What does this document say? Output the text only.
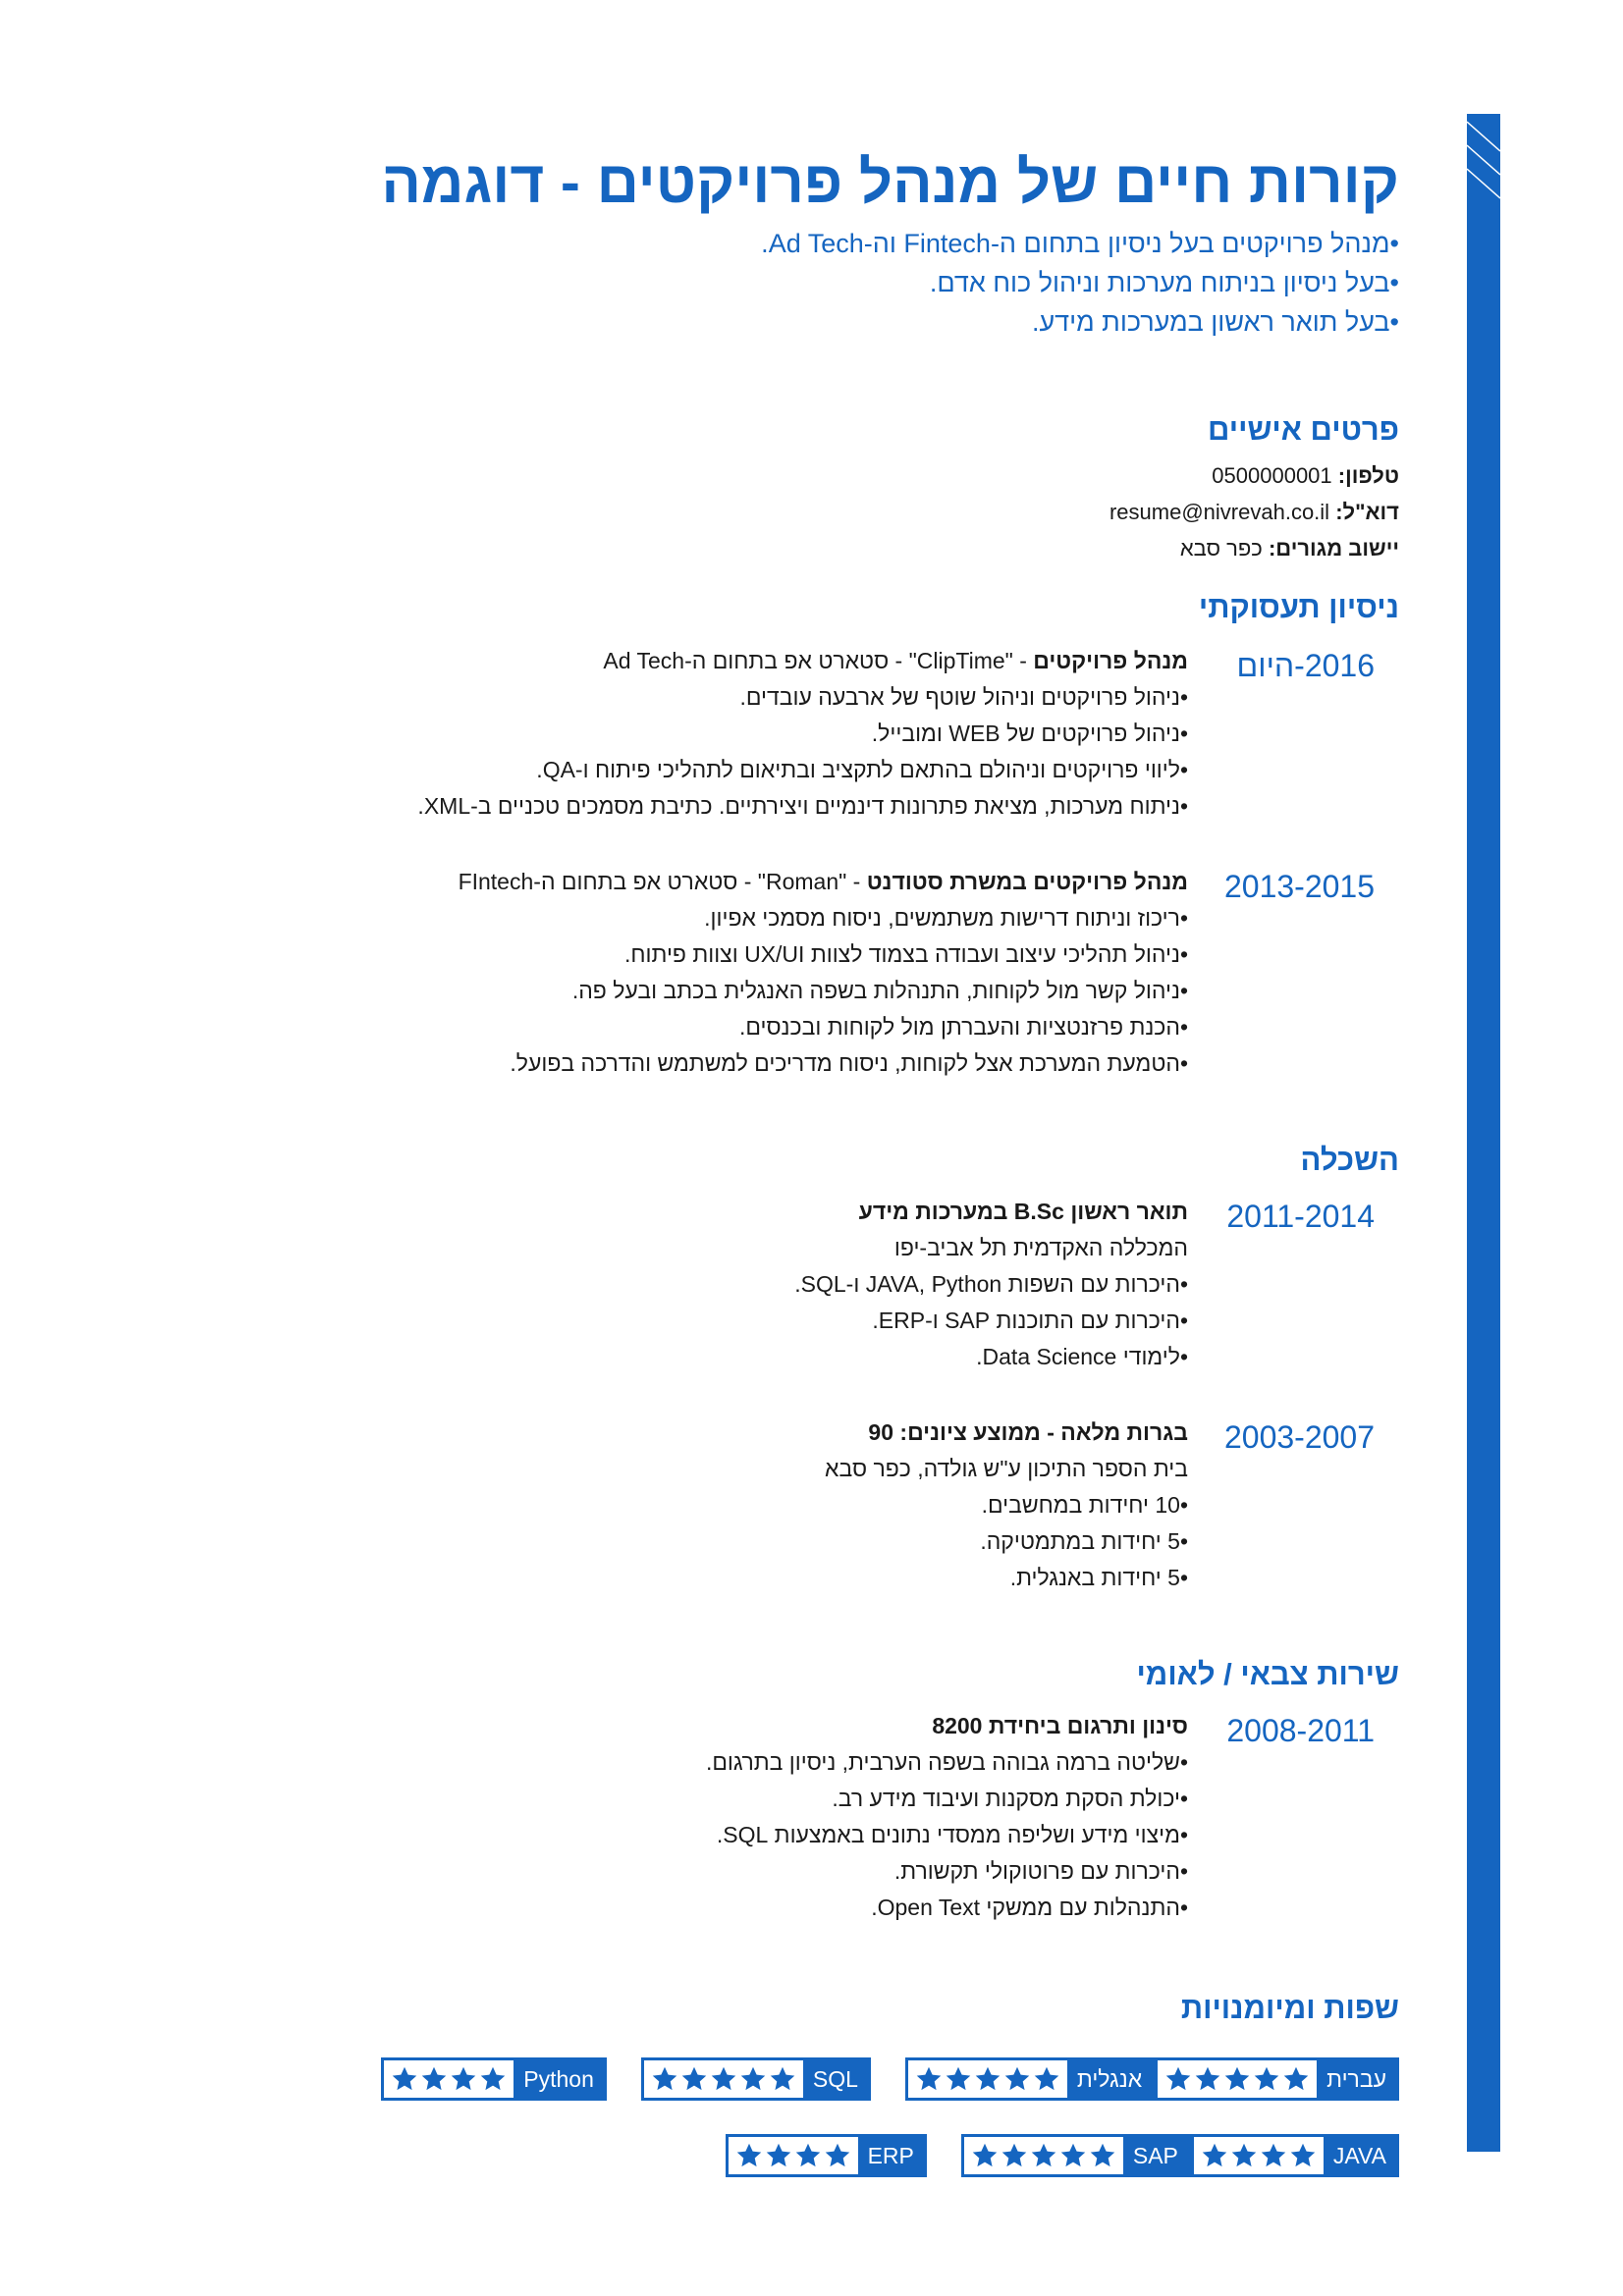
קורות חיים של מנהל פרויקטים - דוגמה
• מנהל פרויקטים בעל ניסיון בתחום ה-Fintech וה-Ad Tech.
• בעל ניסיון בניתוח מערכות וניהול כוח אדם.
• בעל תואר ראשון במערכות מידע.
פרטים אישיים
טלפון: 0500000001
דוא"ל: resume@nivrevah.co.il
יישוב מגורים: כפר סבא
ניסיון תעסוקתי
2016-היום
מנהל פרויקטים - "ClipTime" - סטארט אפ בתחום ה-Ad Tech
• ניהול פרויקטים וניהול שוטף של ארבעה עובדים.
• ניהול פרויקטים של WEB ומובייל.
• ליווי פרויקטים וניהולם בהתאם לתקציב ובתיאום לתהליכי פיתוח ו-QA.
• ניתוח מערכות, מציאת פתרונות דינמיים ויצירתיים. כתיבת מסמכים טכניים ב-XML.
2013-2015
מנהל פרויקטים במשרת סטודנט - "Roman" - סטארט אפ בתחום ה-FIntech
• ריכוז וניתוח דרישות משתמשים, ניסוח מסמכי אפיון.
• ניהול תהליכי עיצוב ועבודה בצמוד לצוות UX/UI וצוות פיתוח.
• ניהול קשר מול לקוחות, התנהלות בשפה האנגלית בכתב ובעל פה.
• הכנת פרזנטציות והעברתן מול לקוחות ובכנסים.
• הטמעת המערכת אצל לקוחות, ניסוח מדריכים למשתמש והדרכה בפועל.
השכלה
2011-2014
תואר ראשון B.Sc במערכות מידע
המכללה האקדמית תל אביב-יפו
• היכרות עם השפות JAVA, Python ו-SQL.
• היכרות עם התוכנות SAP ו-ERP.
• לימודי Data Science.
2003-2007
בגרות מלאה - ממוצע ציונים: 90
בית הספר התיכון ע"ש גולדה, כפר סבא
• 10 יחידות במחשבים.
• 5 יחידות במתמטיקה.
• 5 יחידות באנגלית.
שירות צבאי / לאומי
2008-2011
סינון ותרגום ביחידת 8200
• שליטה ברמה גבוהה בשפה הערבית, ניסיון בתרגום.
• יכולת הסקת מסקנות ועיבוד מידע רב.
• מיצוי מידע ושליפה ממסדי נתונים באמצעות SQL.
• היכרות עם פרוטוקולי תקשורת.
• התנהלות עם ממשקי Open Text.
שפות ומיומנויות
עברית
אנגלית
SQL
Python
JAVA
SAP
ERP
